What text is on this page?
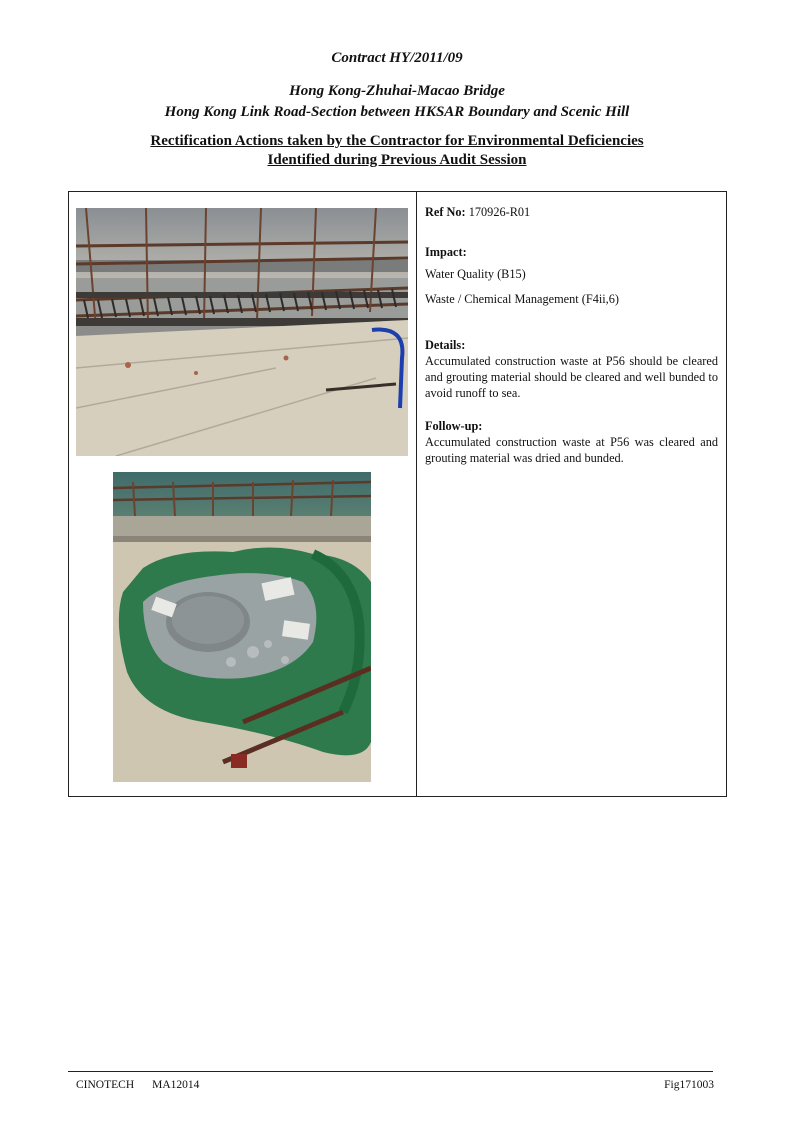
Contract HY/2011/09
Hong Kong-Zhuhai-Macao Bridge
Hong Kong Link Road-Section between HKSAR Boundary and Scenic Hill
Rectification Actions taken by the Contractor for Environmental Deficiencies
Identified during Previous Audit Session
Ref No: 170926-R01
Impact:
Water Quality (B15)
Waste / Chemical Management (F4ii,6)
Details:

Accumulated construction waste at P56 should be cleared and grouting material should be cleared and well bunded to avoid runoff to sea.

Follow-up:

Accumulated construction waste at P56 was cleared and grouting material was dried and bunded.

CINOTECH MA12014	Fig171003
